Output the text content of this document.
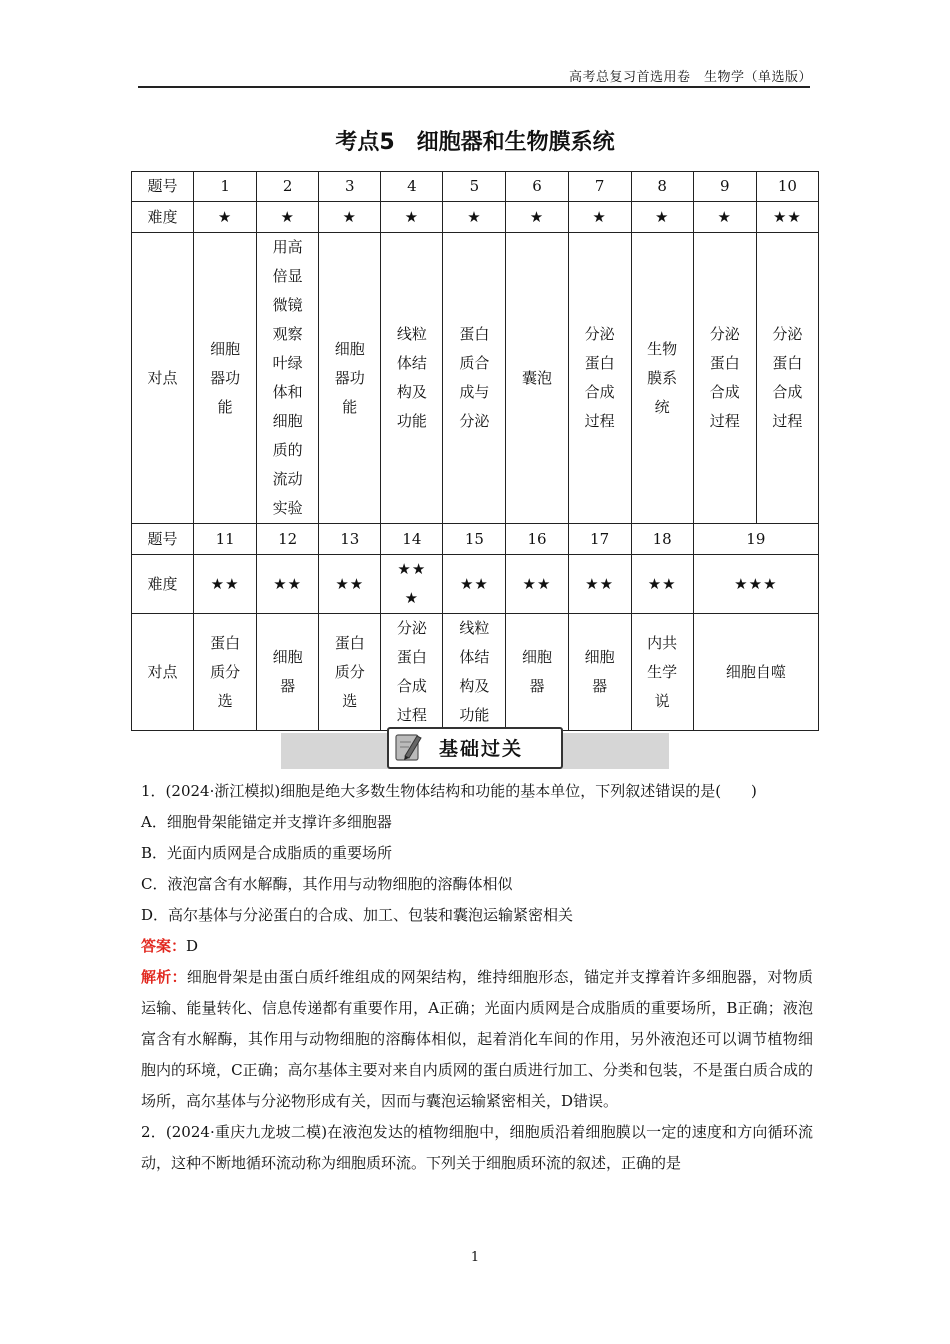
高考总复习首选用卷　生物学（单选版）
考点5　细胞器和生物膜系统
题号	1	2	3	4	5	6	7	8	9	10
难度	★	★	★	★	★	★	★	★	★	★★
对点	细胞器功能	用高倍显微镜观察叶绿体和细胞质的流动实验	细胞器功能	线粒体结构及功能	蛋白质合成与分泌	囊泡	分泌蛋白合成过程	生物膜系统	分泌蛋白合成过程	分泌蛋白合成过程
题号	11	12	13	14	15	16	17	18	19	
难度	★★	★★	★★	★★★	★★	★★	★★	★★	★★★	
对点	蛋白质分选	细胞器	蛋白质分选	分泌蛋白合成过程	线粒体结构及功能	细胞器	细胞器	内共生学说	细胞自噬	
基础过关

1．(2024·浙江模拟)细胞是绝大多数生物体结构和功能的基本单位，下列叙述错误的是(　　)

A．细胞骨架能锚定并支撑许多细胞器

B．光面内质网是合成脂质的重要场所

C．液泡富含有水解酶，其作用与动物细胞的溶酶体相似

D．高尔基体与分泌蛋白的合成、加工、包装和囊泡运输紧密相关

答案：D

解析：细胞骨架是由蛋白质纤维组成的网架结构，维持细胞形态，锚定并支撑着许多细胞器，对物质运输、能量转化、信息传递都有重要作用，A正确；光面内质网是合成脂质的重要场所，B正确；液泡富含有水解酶，其作用与动物细胞的溶酶体相似，起着消化车间的作用，另外液泡还可以调节植物细胞内的环境，C正确；高尔基体主要对来自内质网的蛋白质进行加工、分类和包装，不是蛋白质合成的场所，高尔基体与分泌物形成有关，因而与囊泡运输紧密相关，D错误。

2．(2024·重庆九龙坡二模)在液泡发达的植物细胞中，细胞质沿着细胞膜以一定的速度和方向循环流动，这种不断地循环流动称为细胞质环流。下列关于细胞质环流的叙述，正确的是

1
